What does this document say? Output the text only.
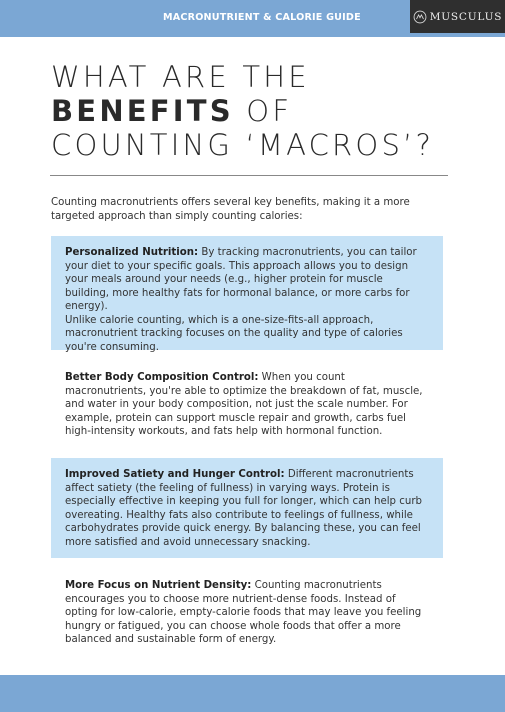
MACRONUTRIENT & CALORIE GUIDE	MUSCULUS
WHAT ARE THE
BENEFITS OF
COUNTING ‘MACROS’?
Counting macronutrients offers several key benefits, making it a more targeted approach than simply counting calories:

Personalized Nutrition: By tracking macronutrients, you can tailor your diet to your specific goals. This approach allows you to design your meals around your needs (e.g., higher protein for muscle building, more healthy fats for hormonal balance, or more carbs for energy).

Unlike calorie counting, which is a one-size-fits-all approach, macronutrient tracking focuses on the quality and type of calories you're consuming.

Better Body Composition Control: When you count macronutrients, you're able to optimize the breakdown of fat, muscle, and water in your body composition, not just the scale number. For example, protein can support muscle repair and growth, carbs fuel high-intensity workouts, and fats help with hormonal function.

Improved Satiety and Hunger Control: Different macronutrients affect satiety (the feeling of fullness) in varying ways. Protein is especially effective in keeping you full for longer, which can help curb overeating. Healthy fats also contribute to feelings of fullness, while carbohydrates provide quick energy. By balancing these, you can feel more satisfied and avoid unnecessary snacking.

More Focus on Nutrient Density: Counting macronutrients encourages you to choose more nutrient-dense foods. Instead of opting for low-calorie, empty-calorie foods that may leave you feeling hungry or fatigued, you can choose whole foods that offer a more balanced and sustainable form of energy.
